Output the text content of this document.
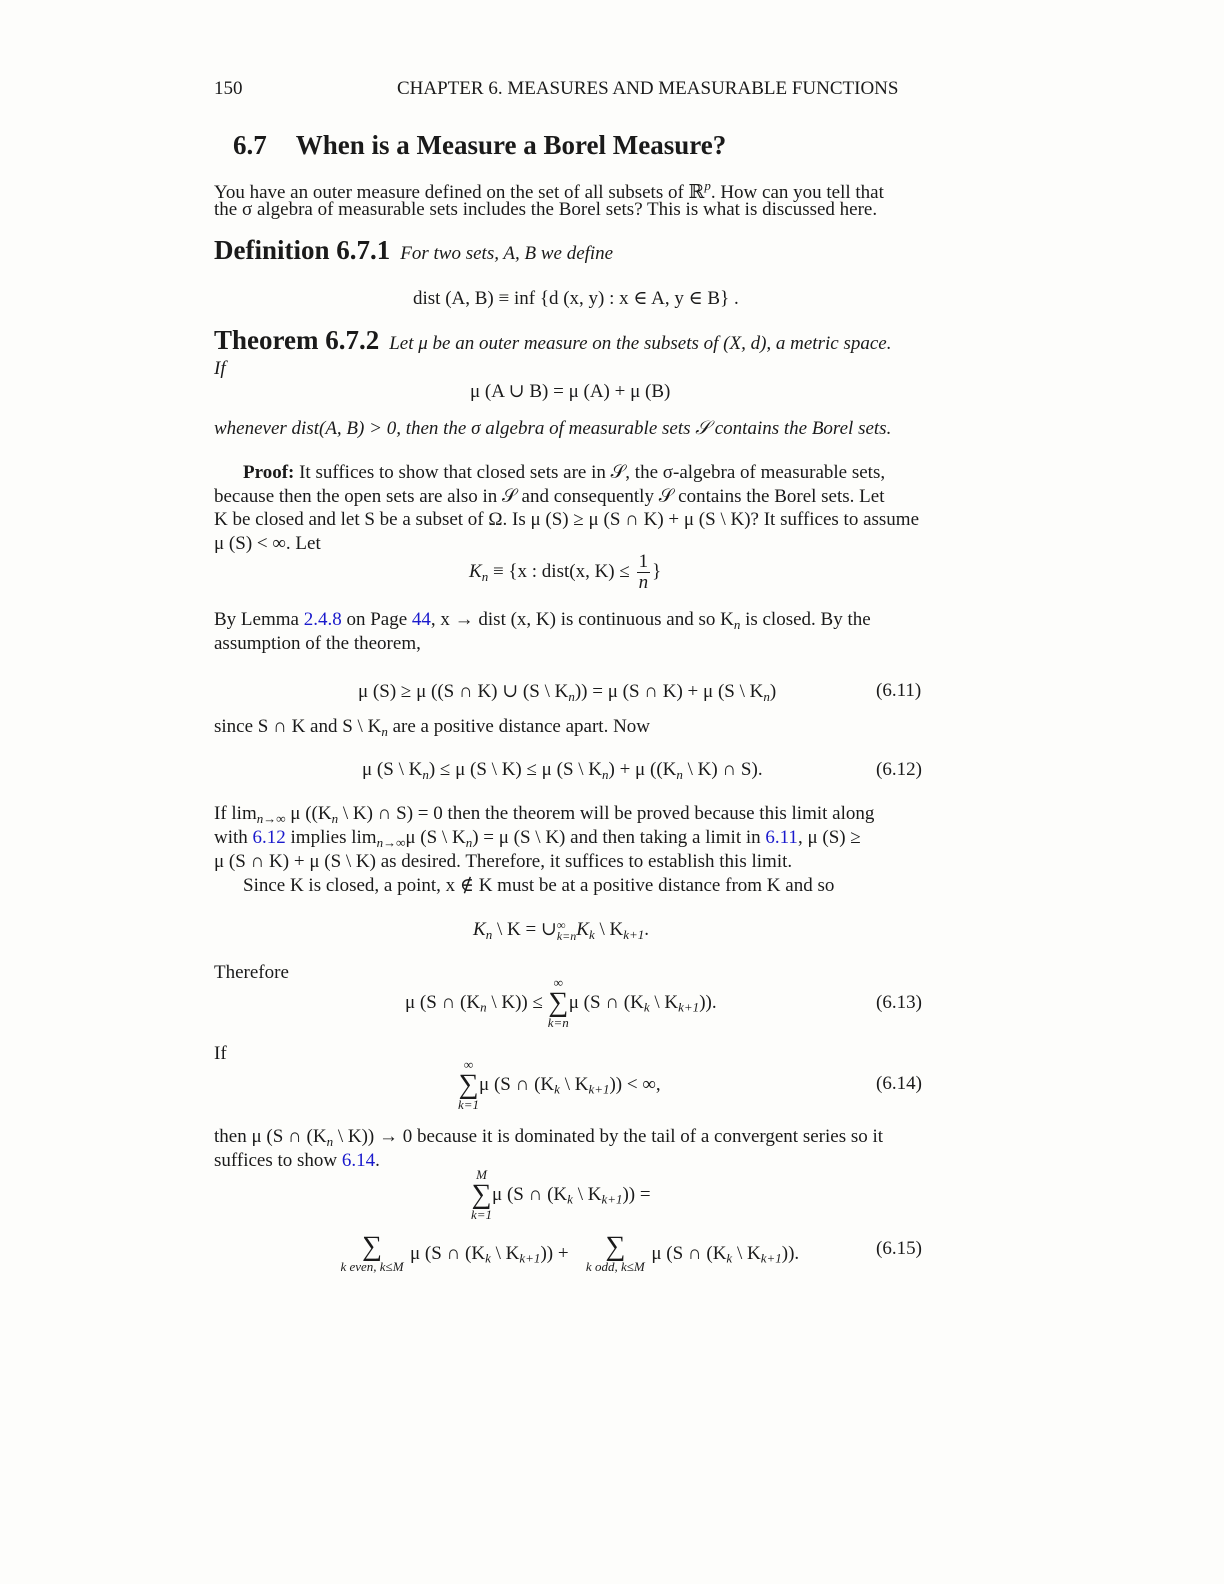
150	CHAPTER 6. MEASURES AND MEASURABLE FUNCTIONS
6.7 When is a Measure a Borel Measure?
You have an outer measure defined on the set of all subsets of ℝ$^p$. How can you tell that
the σ algebra of measurable sets includes the Borel sets? This is what is discussed here.
Definition 6.7.1 For two sets, A, B we define
dist (A, B) ≡ inf {d (x, y) : x ∈ A, y ∈ B} .
Theorem 6.7.2 Let μ be an outer measure on the subsets of (X, d), a metric space.
If
μ (A ∪ B) = μ (A) + μ (B)
whenever dist(A, B) > 0, then the σ algebra of measurable sets 𝒮 contains the Borel sets.
Proof: It suffices to show that closed sets are in 𝒮, the σ-algebra of measurable sets,
because then the open sets are also in 𝒮 and consequently 𝒮 contains the Borel sets. Let
K be closed and let S be a subset of Ω. Is μ (S) ≥ μ (S ∩ K) + μ (S \ K)? It suffices to assume
μ (S) < ∞. Let
$K_n \equiv \{x$ : dist(x, $K) \le \frac{1}{n}$ }
By Lemma 2.4.8 on Page 44, x → dist (x, K) is continuous and so $K_n$ is closed. By the
assumption of the theorem,
μ (S) ≥ μ ((S ∩ K) ∪ (S \ $K_n)) = \mu$ (S ∩ K) + μ (S \ $K_n$)	(6.11)
since S ∩ K and S \ $K_n$ are a positive distance apart. Now
μ (S \ $K_n) \le \mu$ (S \ K) ≤ μ (S \ $K_n) + \mu$ (($K_n$ \ K) ∩ S).	(6.12)
If $\lim_{n\to\infty} \mu$ (($K_n$ \ K) ∩ S) = 0 then the theorem will be proved because this limit along
with 6.12 implies $\lim_{n\to\infty}\mu$ (S \ $K_n) = \mu$ (S \ K) and then taking a limit in 6.11, μ (S) ≥
μ (S ∩ K) + μ (S \ K) as desired. Therefore, it suffices to establish this limit.
Since K is closed, a point, x ∉ K must be at a positive distance from K and so
$K_n$ \ K = ∪ ∞
k=n $K_k$ \ $K_{k+1}$.
Therefore
μ (S ∩ ($K_n$ \ K)) ≤
∞
∑
k=n
μ (S ∩ ($K_k$ \ $K_{k+1}$)).	(6.13)
If
∞
∑
k=1
μ (S ∩ ($K_k$ \ $K_{k+1}$)) < ∞,	(6.14)
then μ (S ∩ ($K_n$ \ K)) → 0 because it is dominated by the tail of a convergent series so it
suffices to show 6.14.
M
∑
k=1
μ (S ∩ ($K_k$ \ $K_{k+1}$)) =
∑
k even, k≤M
μ (S ∩ ($K_k$ \ $K_{k+1}$)) +	∑
k odd, k≤M
μ (S ∩ ($K_k$ \ $K_{k+1}$)).	(6.15)
